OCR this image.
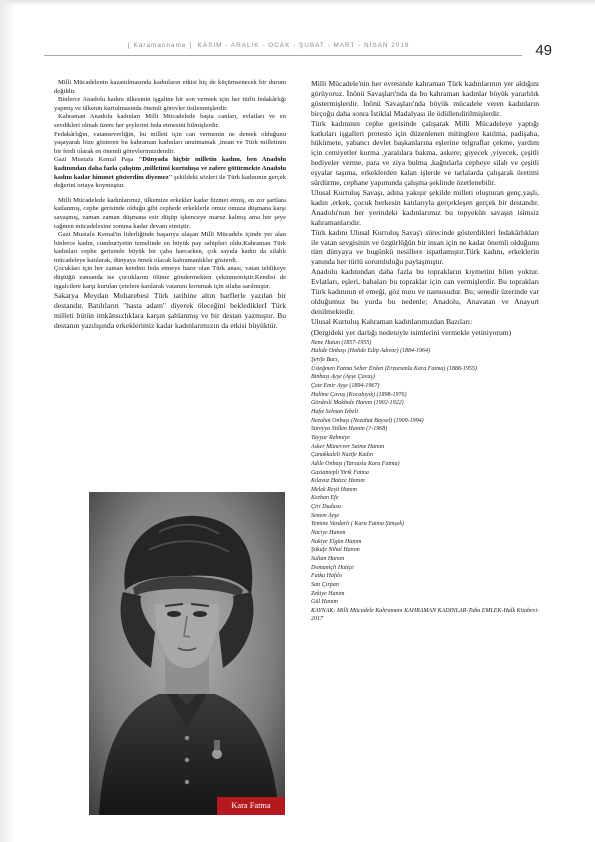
[ Karamanname ] KASIM - ARALIK - OCAK - ŞUBAT - MART - NİSAN 2019	49

Milli Mücadelenin kazanılmasında kadınların etkisi hiç de küçümsenecek bir durum değildir.

Binlerce Anadolu kadını ülkesinin işgaline bir son vermek için her türlü fedakârlığı yapmış ve ülkenin kurtulmasında önemli görevler üstlenmişlerdir.

Kahraman Anadolu kadınları Milli Mücadelede başta canları, evlatları ve en sevdikleri olmak üzere her şeylerini feda etmesini bilmişlerdir.

Fedakârlığın, vatanseverliğin, bu milleti için can vermenin ne demek olduğunu yaşayarak bize gösteren bu kahraman kadınları unutmamak ,insan ve Türk milletinin bir ferdi olarak en önemli görevlerimizdendir.

Gazi Mustafa Kemal Paşa "Dünyada hiçbir milletin kadını, ben Anadolu kadınından daha fazla çalıştım ,milletimi kurtuluşa ve zafere götürmekte Anadolu kadını kadar himmet gösterdim diyemez" şekildeki sözleri ile Türk kadınının gerçek değerini ortaya koymuştur.

Milli Mücadelede kadınlarımız, ülkemize erkekler kadar hizmet etmiş, en zor şartlara katlanmış, cephe gerisinde olduğu gibi cephede erkeklerle omuz omuza düşmana karşı savaşmış, zaman zaman düşmana esir düşüp işkenceye maruz kalmış ama her şeye rağmen mücadelesine sonuna kadar devam etmiştir.

Gazi Mustafa Kemal'in liderliğinde başarıya ulaşan Milli Mücadele içinde yer alan binlerce kadın, cumhuriyetin temelinde en büyük pay sahipleri oldu.Kahraman Türk kadınları cephe gerisinde büyük bir çaba harcarken, çok sayıda kadın da silahlı mücadeleye katılarak, dünyaya örnek olacak kahramanlıklar gösterdi.

Çocukları için her zaman kendini feda etmeye hazır olan Türk anası, vatan tehlikeye düştüğü zamanda ise çocuklarını ölüme göndermekten çekinmemiştir.Kendisi de işgalcilere karşı kurulan çetelere katılarak vatanını korumak için silaha sarılmıştır.

Sakarya Meydan Muharebesi Türk tarihine altın harflerle yazılan bir destandır. Batılıların "hasta adam" diyerek öleceğini beklediklerI Türk milleti bütün imkânsızlıklara karşın şahlanmış ve bir destan yazmıştır. Bu destanın yazılışında erkeklerimiz kadar kadınlarımızın da etkisi büyüktür.

Kara Fatma

Milli Mücadele'nin her evresinde kahraman Türk kadınlarının yer aldığını görüyoruz. İnönü Savaşları'nda da bu kahraman kadınlar büyük yararlılık göstermişlerdir. İnönü Savaşları'nda büyük mücadele veren kadınların birçoğu daha sonra İstiklal Madalyası ile ödüllendirilmişlerdir.

Türk kadınının cephe gerisinde çalışarak Milli Mücadeleye yaptığı katkıları işgalleri protesto için düzenlenen mitinglere katılma, padişaha, hükümete, yabancı devlet başkanlarına eşlerine telgraflar çekme, yardım için cemiyetler kurma ,yaralılara bakma, askere; giyecek ,yiyecek, çeşitli hediyeler verme, para ve ziya bulma ,kağnılarla cepheye silah ve çeşitli eşyalar taşıma, erkeklerden kalan işlerde ve tarlalarda çalışarak üretimi sürdürme, cephane yapımında çalışma şeklinde özetlenebilir.

Ulusal Kurtuluş Savaşı, adına yakışır şekilde milleti oluşturan genç,yaşlı, kadın ,erkek, çocuk herkesin katılarıyla gerçekleşen gerçek bir destandır. Anadolu'nun her yerindeki kadınlarımız bu topyekün savaşın isimsiz kahramanlarıdır.

Türk kadını Ulusal Kurtuluş Savaş'ı sürecinde gösterdikleri fedakârlıkları ile vatan sevgisinin ve özgürlüğün bir insan için ne kadar önemli olduğunu tüm dünyaya ve bugünkü nesillere ispatlamıştır.Türk kadını, erkeklerin yanında her türlü sorumluluğu paylaşmıştır.

Anadolu kadınından daha fazla bu toprakların kıymetini bilen yoktur. Evlatları, eşleri, babaları bu topraklar için can vermişlerdir. Bu toprakları Türk kadınının el emeği, göz nuru ve namusudur. Bu; senedir üzerinde var olduğumuz bu yurda bu nedenle; Anadolu, Anavatan ve Anayurt denilmektedir.

Ulusal Kurtuluş Kahraman kadınlarımızdan Bazıları:

(Dergideki yer darlığı nedeniyle isimlerini vermekle yetiniyorum)

Nene Hatun (1857-1955)
Halide Onbaşı (Halide Edip Adıvar) (1884-1964)
Şerife Bacı,
Üsteğmen Fatma Seher Erden (Erzurumlu Kara Fatma) (1888-1955)
Binbaşı Ayşe (Ayşe Çavuş)
Çete Emir Ayşe (1894-1967)
Halime Çavuş (Kocabıyık) (1898-1976)
Gördesli Makbule Hanım (1902-1922)
Hafız Selman İzbeli
Nezahat Onbaşı (Nezahat Baysel) (1909-1994)
Süreyya Stilkin Hanım (?-1968)
Tayyar Rahmiye
Asker Münevver Saime Hanım
Çanakkaleli Nazife Kadın
Adile Onbaşı (Tarsuslu Kara Fatma)
Gaziantepli Yirik Fatma
Kılavuz Hatice Hanım
Melek Reşit Hanım
Kezban Efe
Çiri Dudusu
Senem Ayşe
Yemine Vardarlı ( Kara Fatma Şimşek)
Naciye Hanım
Nakiye Elgün Hanım
Şükufe Nihal Hanım
Sultan Hanım
Domaniçli Hatiçe
Fatka Hafılo
Satı Çırpan
Zekiye Hanım
Gül Hanım

KAYNAK: Milli Mücadele Kahramanı KAHRAMAN KADINLAR-Tuba EMLEK-Halk Kitabevi-2017
